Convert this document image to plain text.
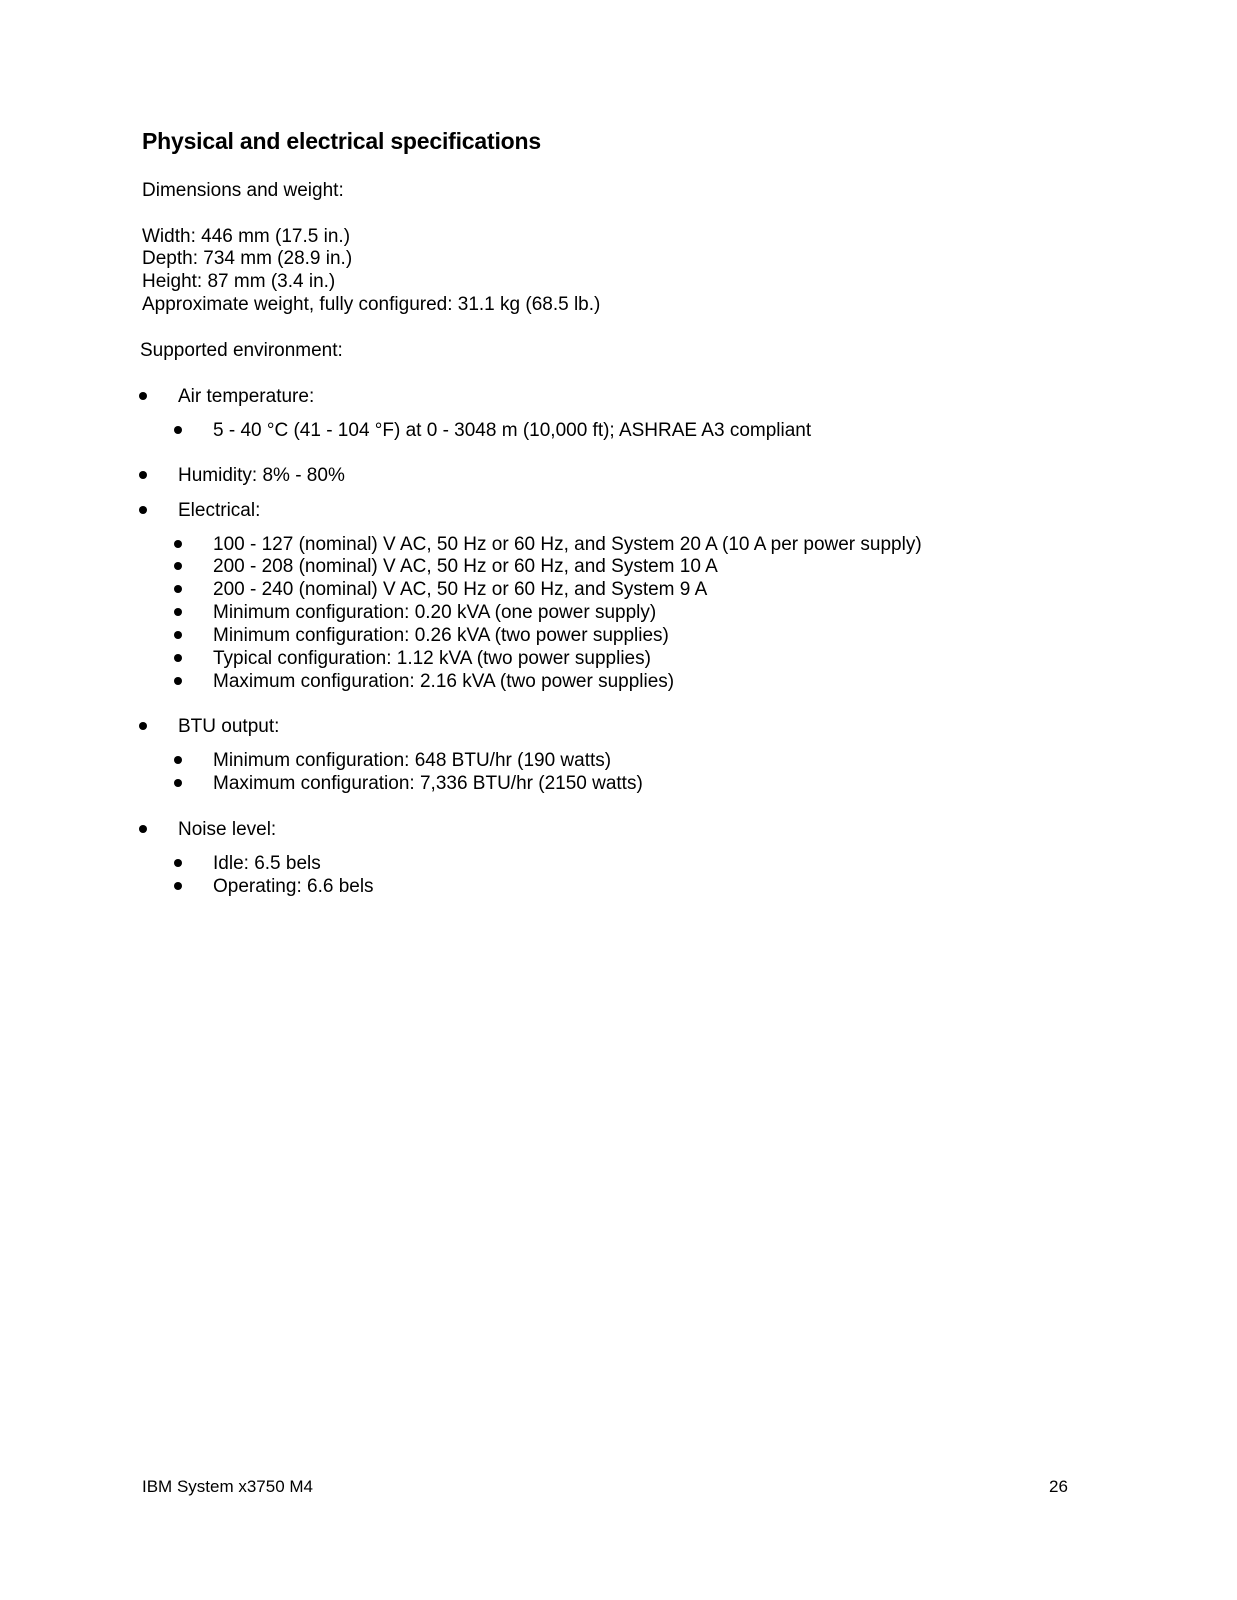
Physical and electrical specifications
Dimensions and weight:
Width: 446 mm (17.5 in.)
Depth: 734 mm (28.9 in.)
Height: 87 mm (3.4 in.)
Approximate weight, fully configured: 31.1 kg (68.5 lb.)
Supported environment:
Air temperature:
5 - 40 °C (41 - 104 °F) at 0 - 3048 m (10,000 ft); ASHRAE A3 compliant
Humidity: 8% - 80%
Electrical:
100 - 127 (nominal) V AC, 50 Hz or 60 Hz, and System 20 A (10 A per power supply)
200 - 208 (nominal) V AC, 50 Hz or 60 Hz, and System 10 A
200 - 240 (nominal) V AC, 50 Hz or 60 Hz, and System 9 A
Minimum configuration: 0.20 kVA (one power supply)
Minimum configuration: 0.26 kVA (two power supplies)
Typical configuration: 1.12 kVA (two power supplies)
Maximum configuration: 2.16 kVA (two power supplies)
BTU output:
Minimum configuration: 648 BTU/hr (190 watts)
Maximum configuration: 7,336 BTU/hr (2150 watts)
Noise level:
Idle: 6.5 bels
Operating: 6.6 bels
IBM System x3750 M4	26
